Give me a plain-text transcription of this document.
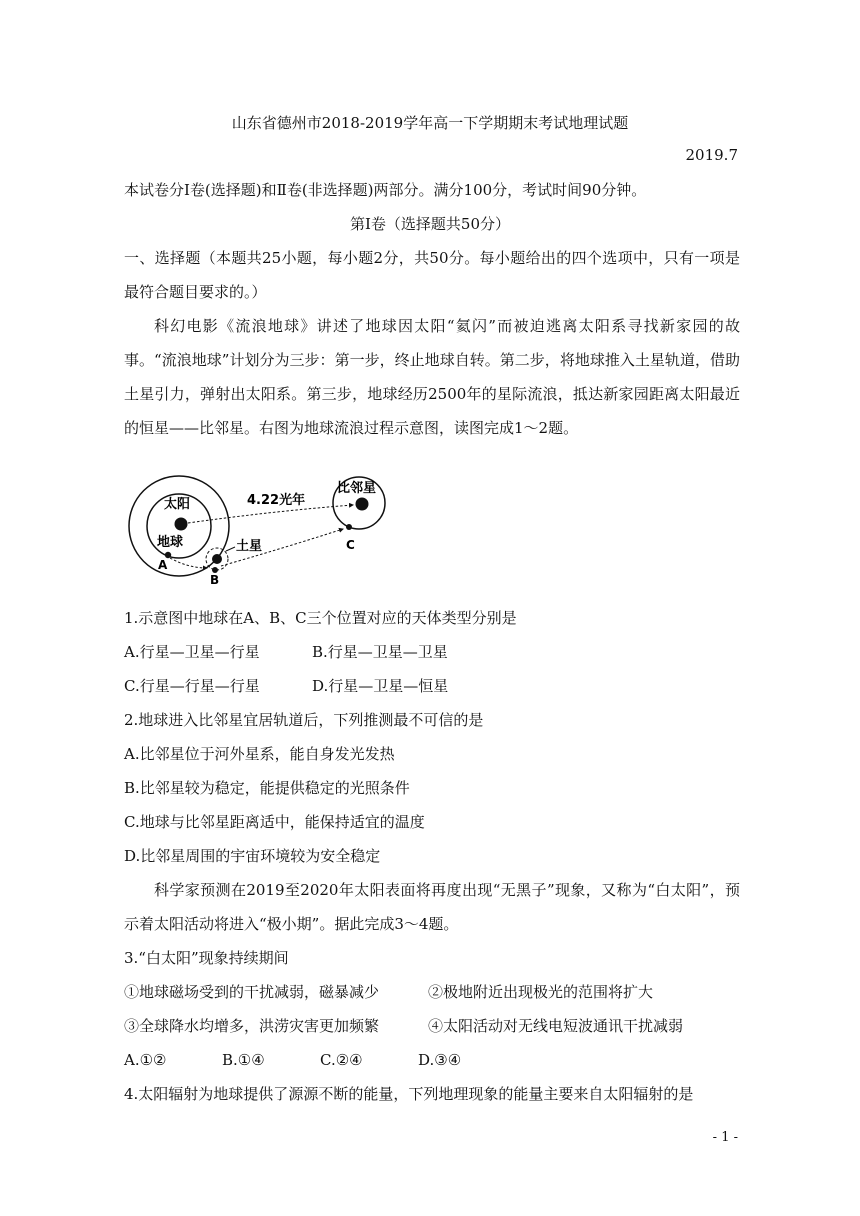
山东省德州市2018-2019学年高一下学期期末考试地理试题
2019.7
本试卷分Ⅰ卷(选择题)和Ⅱ卷(非选择题)两部分。满分100分，考试时间90分钟。
第Ⅰ卷（选择题共50分）
一、选择题（本题共25小题，每小题2分，共50分。每小题给出的四个选项中，只有一项是最符合题目要求的。）
科幻电影《流浪地球》讲述了地球因太阳“氦闪”而被迫逃离太阳系寻找新家园的故事。“流浪地球”计划分为三步：第一步，终止地球自转。第二步，将地球推入土星轨道，借助土星引力，弹射出太阳系。第三步，地球经历2500年的星际流浪，抵达新家园距离太阳最近的恒星——比邻星。右图为地球流浪过程示意图，读图完成1～2题。
太阳
地球
A
土星
B
比邻星
C
4.22光年
1.示意图中地球在A、B、C三个位置对应的天体类型分别是
A.行星—卫星—行星	B.行星—卫星—卫星
C.行星—行星—行星	D.行星—卫星—恒星
2.地球进入比邻星宜居轨道后，下列推测最不可信的是
A.比邻星位于河外星系，能自身发光发热
B.比邻星较为稳定，能提供稳定的光照条件
C.地球与比邻星距离适中，能保持适宜的温度
D.比邻星周围的宇宙环境较为安全稳定
科学家预测在2019至2020年太阳表面将再度出现“无黑子”现象，又称为“白太阳”，预示着太阳活动将进入“极小期”。据此完成3～4题。
3.“白太阳”现象持续期间
①地球磁场受到的干扰减弱，磁暴减少	②极地附近出现极光的范围将扩大
③全球降水均增多，洪涝灾害更加频繁	④太阳活动对无线电短波通讯干扰减弱
A.①②	B.①④	C.②④	D.③④
4.太阳辐射为地球提供了源源不断的能量，下列地理现象的能量主要来自太阳辐射的是
- 1 -
